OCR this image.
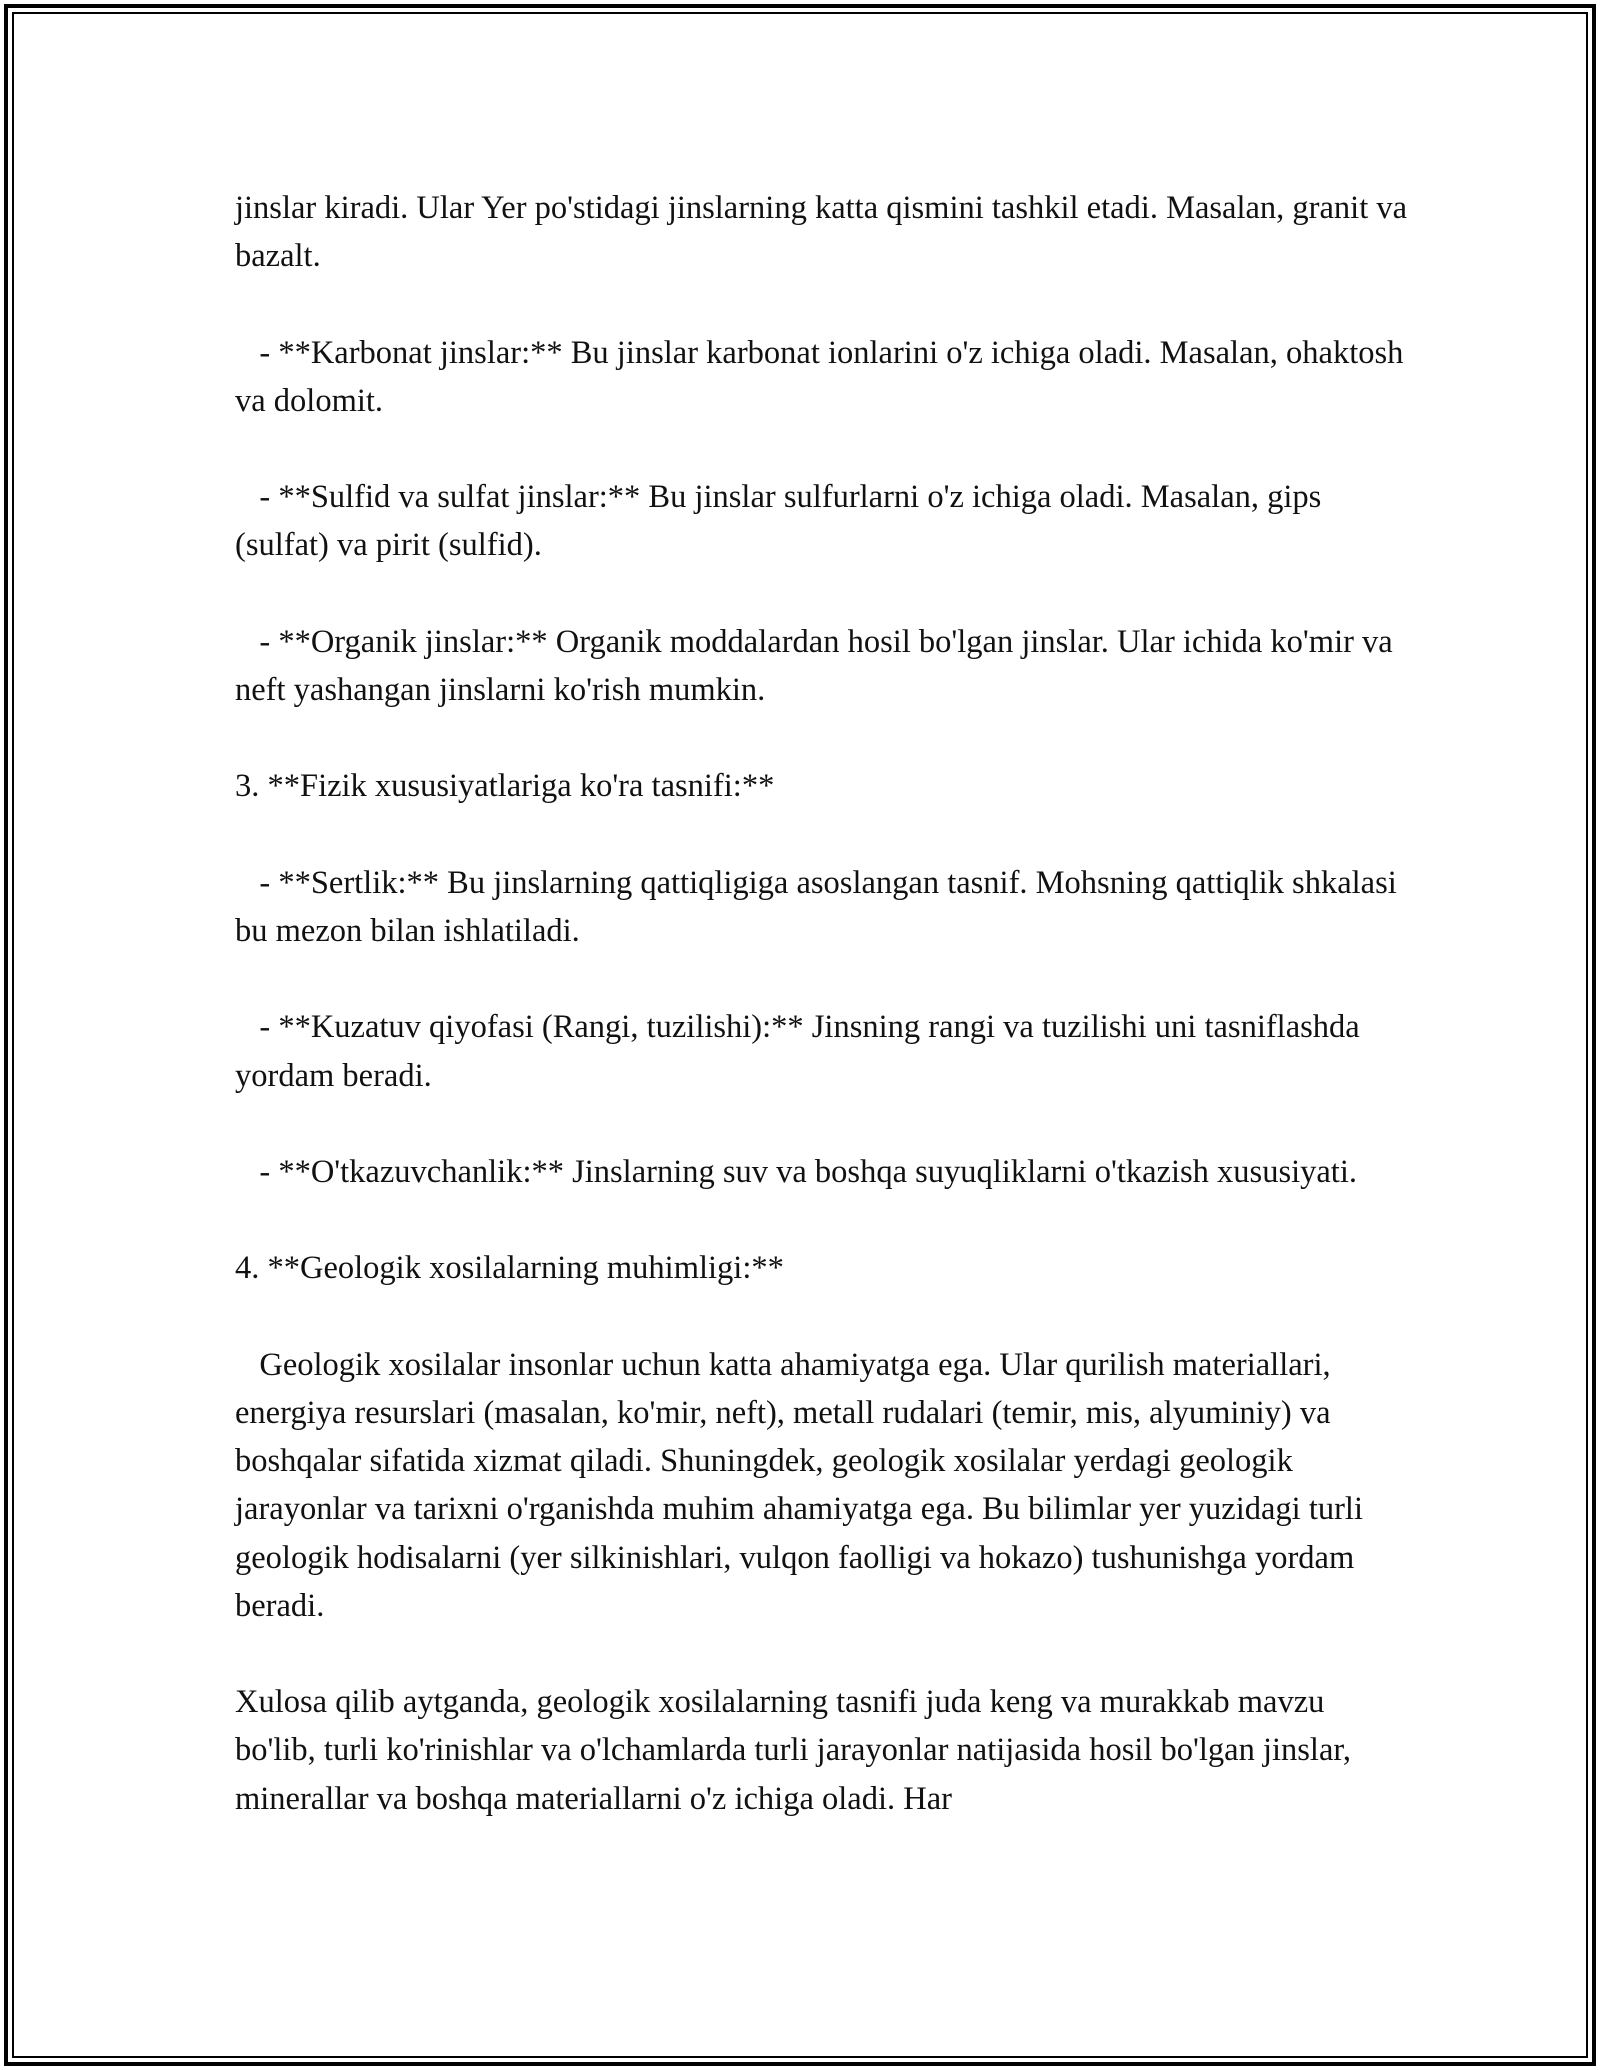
jinslar kiradi. Ular Yer po'stidagi jinslarning katta qismini tashkil etadi. Masalan, granit va bazalt.

- **Karbonat jinslar:** Bu jinslar karbonat ionlarini o'z ichiga oladi. Masalan, ohaktosh va dolomit.

- **Sulfid va sulfat jinslar:** Bu jinslar sulfurlarni o'z ichiga oladi. Masalan, gips (sulfat) va pirit (sulfid).

- **Organik jinslar:** Organik moddalardan hosil bo'lgan jinslar. Ular ichida ko'mir va neft yashangan jinslarni ko'rish mumkin.

3. **Fizik xususiyatlariga ko'ra tasnifi:**

- **Sertlik:** Bu jinslarning qattiqligiga asoslangan tasnif. Mohsning qattiqlik shkalasi bu mezon bilan ishlatiladi.

- **Kuzatuv qiyofasi (Rangi, tuzilishi):** Jinsning rangi va tuzilishi uni tasniflashda yordam beradi.

- **O'tkazuvchanlik:** Jinslarning suv va boshqa suyuqliklarni o'tkazish xususiyati.

4. **Geologik xosilalarning muhimligi:**

Geologik xosilalar insonlar uchun katta ahamiyatga ega. Ular qurilish materiallari, energiya resurslari (masalan, ko'mir, neft), metall rudalari (temir, mis, alyuminiy) va boshqalar sifatida xizmat qiladi. Shuningdek, geologik xosilalar yerdagi geologik jarayonlar va tarixni o'rganishda muhim ahamiyatga ega. Bu bilimlar yer yuzidagi turli geologik hodisalarni (yer silkinishlari, vulqon faolligi va hokazo) tushunishga yordam beradi.

Xulosa qilib aytganda, geologik xosilalarning tasnifi juda keng va murakkab mavzu bo'lib, turli ko'rinishlar va o'lchamlarda turli jarayonlar natijasida hosil bo'lgan jinslar, minerallar va boshqa materiallarni o'z ichiga oladi. Har
